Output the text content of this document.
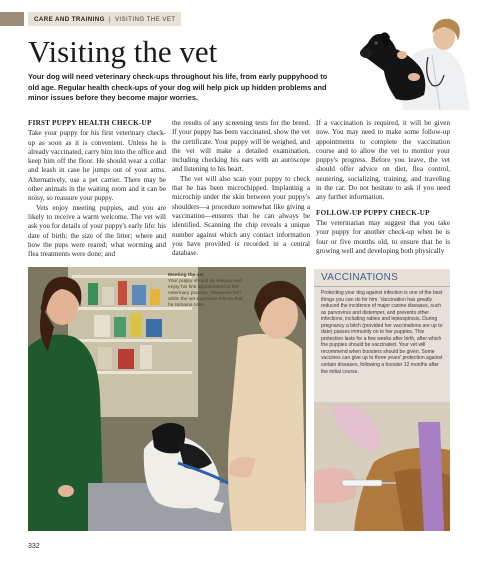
CARE AND TRAINING | VISITING THE VET
Visiting the vet

Your dog will need veterinary check-ups throughout his life, from early puppyhood to old age. Regular health check-ups of your dog will help pick up hidden problems and minor issues before they become major worries.

FIRST PUPPY HEALTH CHECK-UP

Take your puppy for his first veterinary check-up as soon as it is convenient. Unless he is already vaccinated, carry him into the office and keep him off the floor. He should wear a collar and leash in case he jumps out of your arms. Alternatively, use a pet carrier. There may be other animals in the waiting room and it can be noisy, so reassure your puppy.

Vets enjoy meeting puppies, and you are likely to receive a warm welcome. The vet will ask you for details of your puppy's early life: his date of birth; the size of the litter; where and how the pups were reared; what worming and flea treatments were done; and

the results of any screening tests for the breed. If your puppy has been vaccinated, show the vet the certificate. Your puppy will be weighed, and the vet will make a detailed examination, including checking his ears with an auroscope and listening to his heart.

The vet will also scan your puppy to check that he has been microchipped. Implanting a microchip under the skin between your puppy's shoulders—a procedure somewhat like giving a vaccination—ensures that he can always be identified. Scanning the chip reveals a unique number against which any contact information you have provided is recorded in a central database.

If a vaccination is required, it will be given now. You may need to make some follow-up appointments to complete the vaccination course and to allow the vet to monitor your puppy's progress. Before you leave, the vet should offer advice on diet, flea control, neutering, socializing, training, and traveling in the car. Do not hesitate to ask if you need any further information.

FOLLOW-UP PUPPY CHECK-UP

The veterinarian may suggest that you take your puppy for another check-up when he is four or five months old, to ensure that he is growing well and developing both physically

Meeting the vet
Your puppy should be relaxed and enjoy his first appointment at the veterinary practice. Reassure him while the vet examines him so that he remains calm.
VACCINATIONS

Protecting your dog against infection is one of the best things you can do for him. Vaccination has greatly reduced the incidence of major canine diseases, such as parvovirus and distemper, and prevents other infections, including rabies and leptospirosis. During pregnancy a bitch (provided her vaccinations are up to date) passes immunity on to her puppies. This protection lasts for a few weeks after birth, after which the puppies should be vaccinated. Your vet will recommend when boosters should be given. Some vaccines can give up to three years' protection against certain diseases, following a booster 12 months after the initial course.

332
